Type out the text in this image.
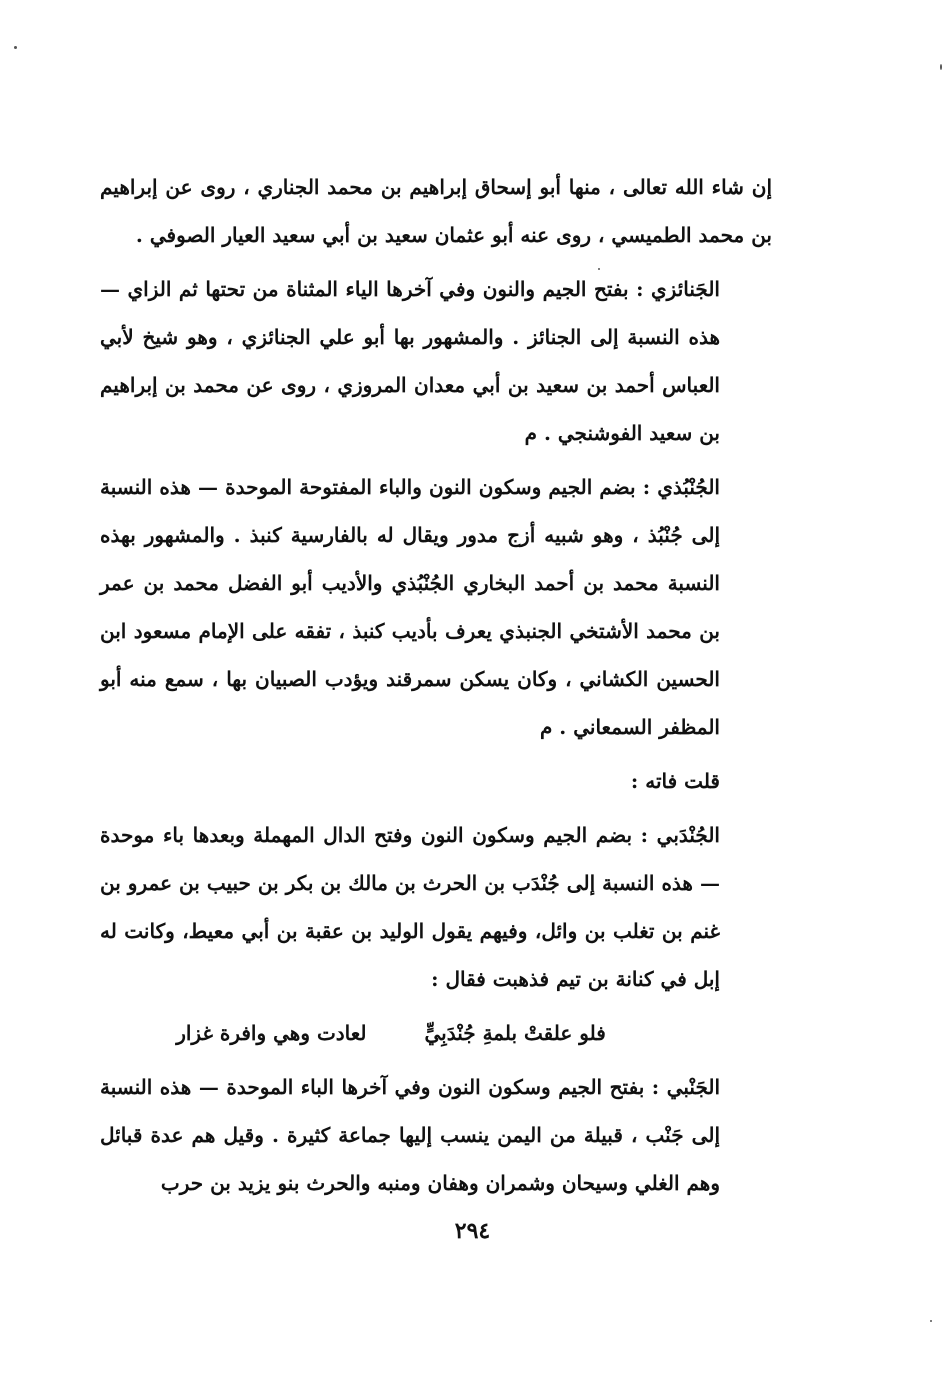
إن شاء الله تعالى ، منها أبو إسحاق إبراهيم بن محمد الجناري ، روى عن إبراهيم بن محمد الطميسي ، روى عنه أبو عثمان سعيد بن أبي سعيد العيار الصوفي .

الجَنائزي : بفتح الجيم والنون وفي آخرها الياء المثناة من تحتها ثم الزاي — هذه النسبة إلى الجنائز . والمشهور بها أبو علي الجنائزي ، وهو شيخ لأبي العباس أحمد بن سعيد بن أبي معدان المروزي ، روى عن محمد بن إبراهيم بن سعيد الفوشنجي . م

الجُنْبُذي : بضم الجيم وسكون النون والباء المفتوحة الموحدة — هذه النسبة إلى جُنْبُذ ، وهو شبيه أزج مدور ويقال له بالفارسية كنبذ . والمشهور بهذه النسبة محمد بن أحمد البخاري الجُنْبُذي والأديب أبو الفضل محمد بن عمر بن محمد الأشتخي الجنبذي يعرف بأديب كنبذ ، تفقه على الإمام مسعود ابن الحسين الكشاني ، وكان يسكن سمرقند ويؤدب الصبيان بها ، سمع منه أبو المظفر السمعاني . م

قلت فاته :

الجُنْدَبي : بضم الجيم وسكون النون وفتح الدال المهملة وبعدها باء موحدة — هذه النسبة إلى جُنْدَب بن الحرث بن مالك بن بكر بن حبيب بن عمرو بن غنم بن تغلب بن وائل، وفيهم يقول الوليد بن عقبة بن أبي معيط، وكانت له إبل في كنانة بن تيم فذهبت فقال :

فلو علقتْ بلمةِ جُنْدَبِيٍّ  لعادت وهي وافرة غزار

الجَنْبي : بفتح الجيم وسكون النون وفي آخرها الباء الموحدة — هذه النسبة إلى جَنْب ، قبيلة من اليمن ينسب إليها جماعة كثيرة . وقيل هم عدة قبائل وهم الغلي وسيحان وشمران وهفان ومنبه والحرث بنو يزيد بن حرب

٢٩٤
